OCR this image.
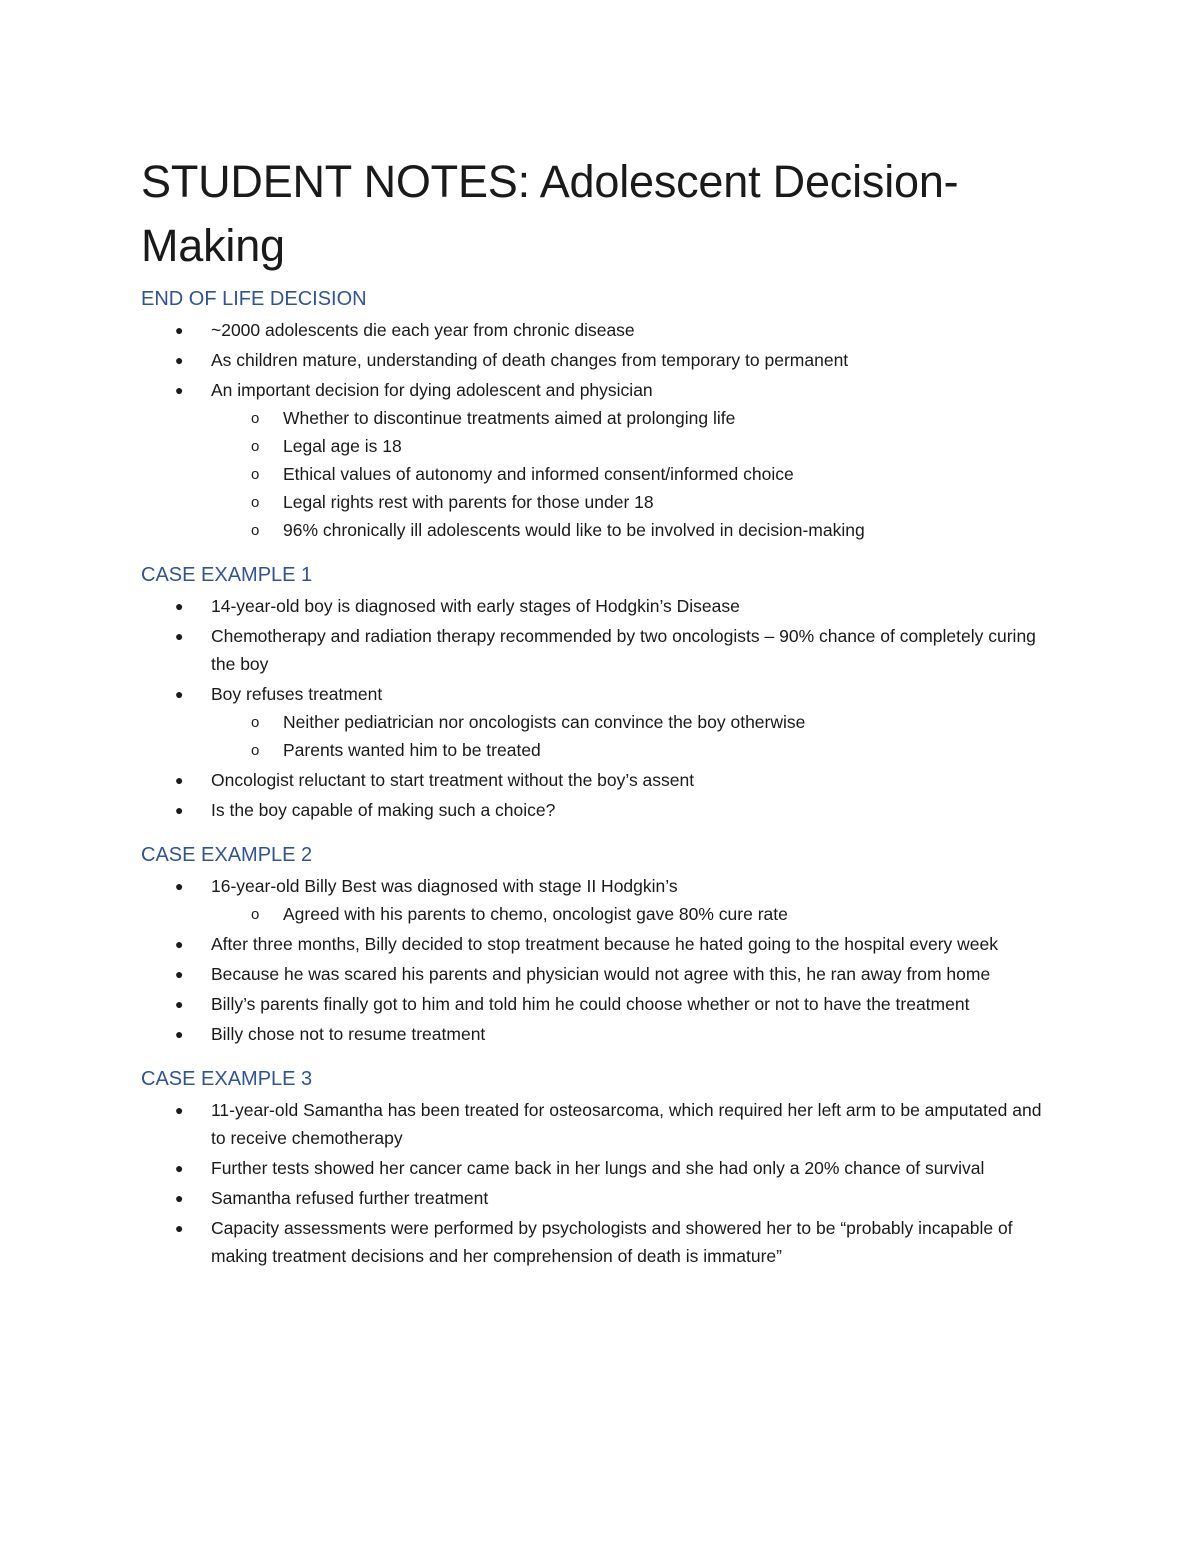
STUDENT NOTES: Adolescent Decision-Making
END OF LIFE DECISION
● ~2000 adolescents die each year from chronic disease
● As children mature, understanding of death changes from temporary to permanent
● An important decision for dying adolescent and physician
o Whether to discontinue treatments aimed at prolonging life
o Legal age is 18
o Ethical values of autonomy and informed consent/informed choice
o Legal rights rest with parents for those under 18
o 96% chronically ill adolescents would like to be involved in decision-making
CASE EXAMPLE 1
● 14-year-old boy is diagnosed with early stages of Hodgkin’s Disease
● Chemotherapy and radiation therapy recommended by two oncologists – 90% chance of completely curing the boy
● Boy refuses treatment
o Neither pediatrician nor oncologists can convince the boy otherwise
o Parents wanted him to be treated
● Oncologist reluctant to start treatment without the boy’s assent
● Is the boy capable of making such a choice?
CASE EXAMPLE 2
● 16-year-old Billy Best was diagnosed with stage II Hodgkin’s
o Agreed with his parents to chemo, oncologist gave 80% cure rate
● After three months, Billy decided to stop treatment because he hated going to the hospital every week
● Because he was scared his parents and physician would not agree with this, he ran away from home
● Billy’s parents finally got to him and told him he could choose whether or not to have the treatment
● Billy chose not to resume treatment
CASE EXAMPLE 3
● 11-year-old Samantha has been treated for osteosarcoma, which required her left arm to be amputated and to receive chemotherapy
● Further tests showed her cancer came back in her lungs and she had only a 20% chance of survival
● Samantha refused further treatment
● Capacity assessments were performed by psychologists and showered her to be “probably incapable of making treatment decisions and her comprehension of death is immature”
